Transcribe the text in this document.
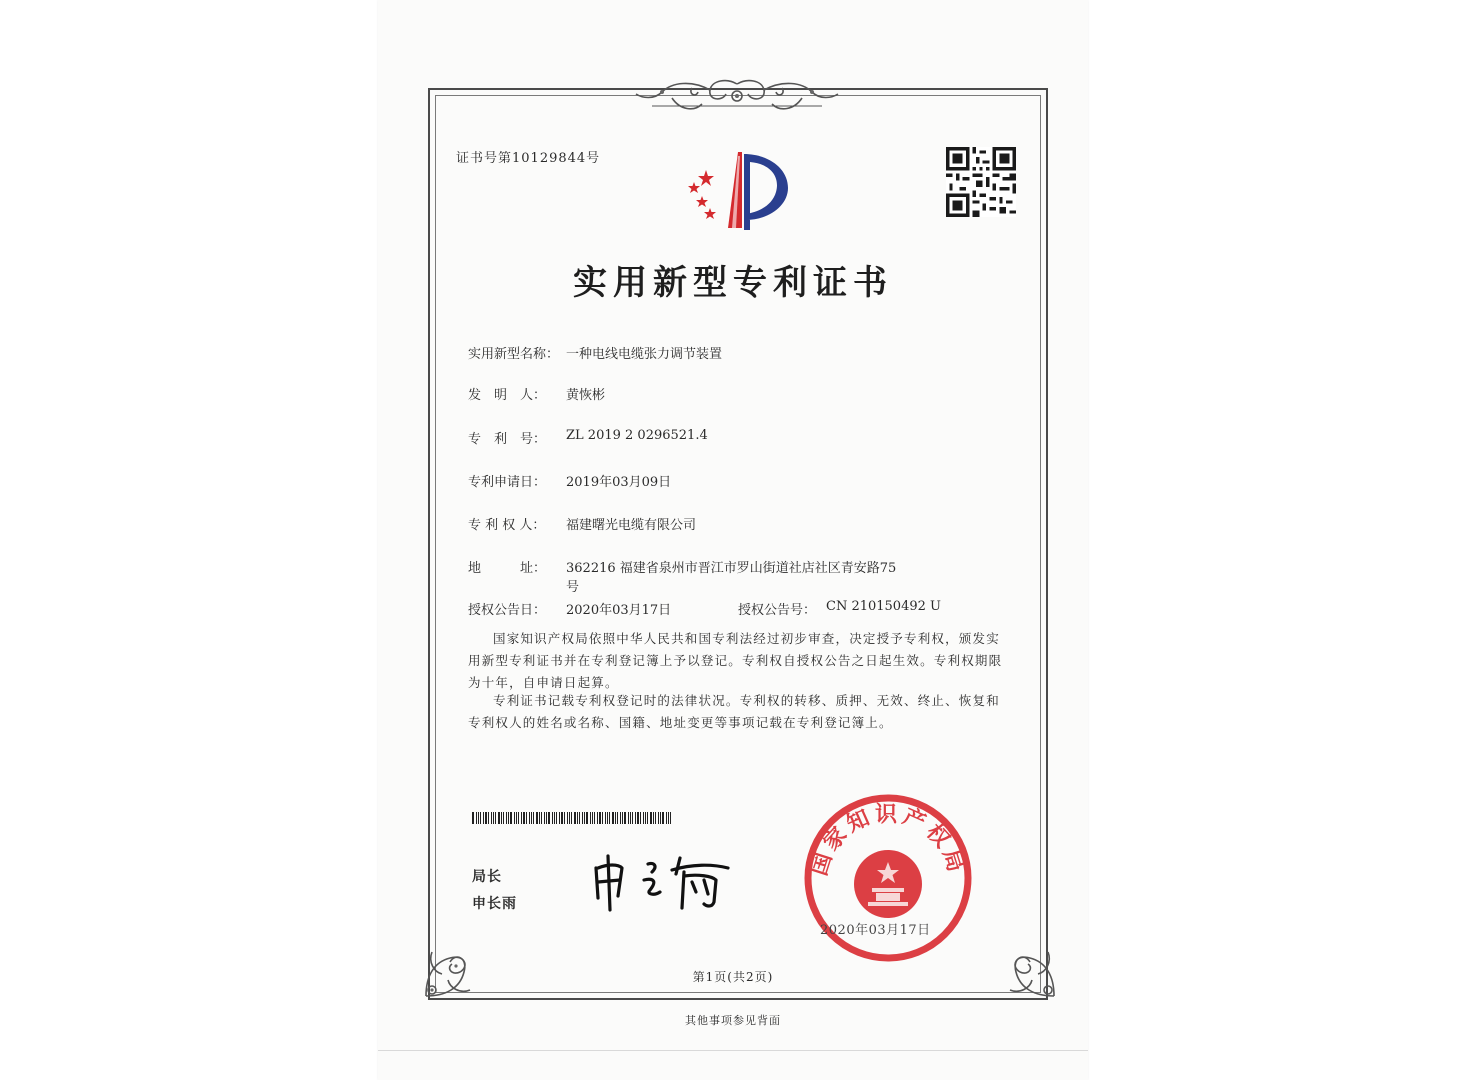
证书号第10129844号
实用新型专利证书
实用新型名称： 一种电线电缆张力调节装置
发　明　人： 黄恢彬
专　利　号： ZL 2019 2 0296521.4
专利申请日： 2019年03月09日
专 利 权 人： 福建曙光电缆有限公司
地　　　址： 362216 福建省泉州市晋江市罗山街道社店社区青安路75
号
授权公告日： 2020年03月17日	授权公告号： CN 210150492 U
国家知识产权局依照中华人民共和国专利法经过初步审查，决定授予专利权，颁发实用新型专利证书并在专利登记簿上予以登记。专利权自授权公告之日起生效。专利权期限为十年，自申请日起算。
专利证书记载专利权登记时的法律状况。专利权的转移、质押、无效、终止、恢复和专利权人的姓名或名称、国籍、地址变更等事项记载在专利登记簿上。
局长
申长雨
国家知识产权局
2020年03月17日
第1页(共2页)
其他事项参见背面
